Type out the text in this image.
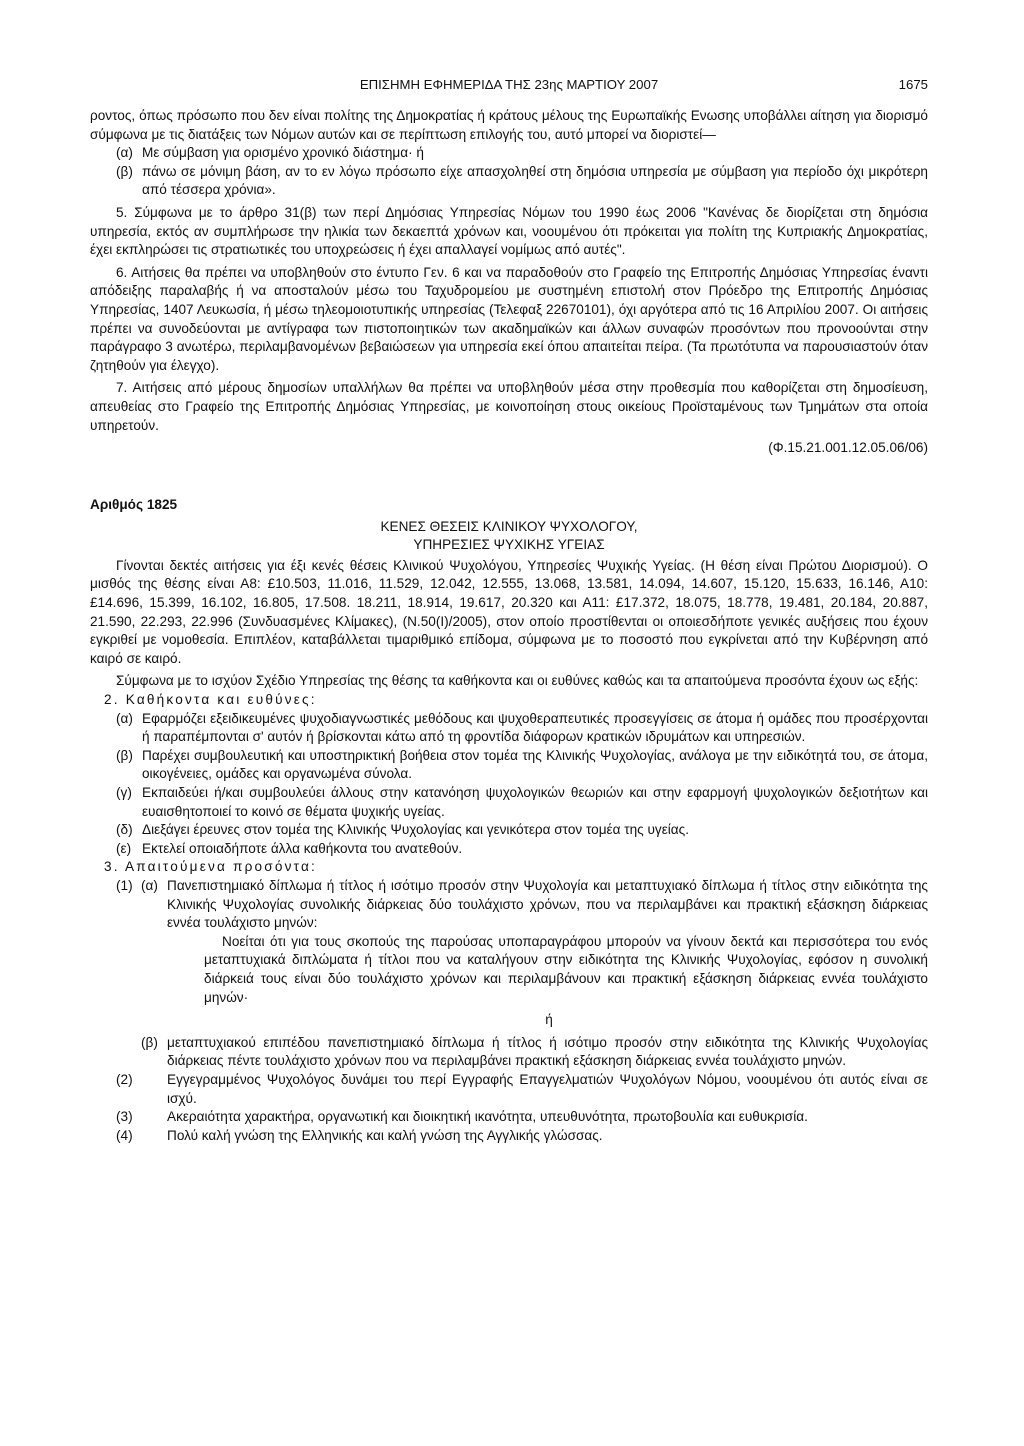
ΕΠΙΣΗΜΗ ΕΦΗΜΕΡΙΔΑ ΤΗΣ 23ης ΜΑΡΤΙΟΥ 2007	1675

ροντος, όπως πρόσωπο που δεν είναι πολίτης της Δημοκρατίας ή κράτους μέλους της Ευρωπαϊκής Ενωσης υποβάλλει αίτηση για διορισμό σύμφωνα με τις διατάξεις των Νόμων αυτών και σε περίπτωση επιλογής του, αυτό μπορεί να διοριστεί—

(α) Με σύμβαση για ορισμένο χρονικό διάστημα· ή
(β) πάνω σε μόνιμη βάση, αν το εν λόγω πρόσωπο είχε απασχοληθεί στη δημόσια υπηρεσία με σύμβαση για περίοδο όχι μικρότερη από τέσσερα χρόνια».

5. Σύμφωνα με το άρθρο 31(β) των περί Δημόσιας Υπηρεσίας Νόμων του 1990 έως 2006 "Κανένας δε διορίζεται στη δημόσια υπηρεσία, εκτός αν συμπλήρωσε την ηλικία των δεκαεπτά χρόνων και, νοουμένου ότι πρόκειται για πολίτη της Κυπριακής Δημοκρατίας, έχει εκπληρώσει τις στρατιωτικές του υποχρεώσεις ή έχει απαλλαγεί νομίμως από αυτές".

6. Αιτήσεις θα πρέπει να υποβληθούν στο έντυπο Γεν. 6 και να παραδοθούν στο Γραφείο της Επιτροπής Δημόσιας Υπηρεσίας έναντι απόδειξης παραλαβής ή να αποσταλούν μέσω του Ταχυδρομείου με συστημένη επιστολή στον Πρόεδρο της Επιτροπής Δημόσιας Υπηρεσίας, 1407 Λευκωσία, ή μέσω τηλεομοιοτυπικής υπηρεσίας (Τελεφαξ 22670101), όχι αργότερα από τις 16 Απριλίου 2007. Οι αιτήσεις πρέπει να συνοδεύονται με αντίγραφα των πιστοποιητικών των ακαδημαϊκών και άλλων συναφών προσόντων που προνοούνται στην παράγραφο 3 ανωτέρω, περιλαμβανομένων βεβαιώσεων για υπηρεσία εκεί όπου απαιτείται πείρα. (Τα πρωτότυπα να παρουσιαστούν όταν ζητηθούν για έλεγχο).

7. Αιτήσεις από μέρους δημοσίων υπαλλήλων θα πρέπει να υποβληθούν μέσα στην προθεσμία που καθορίζεται στη δημοσίευση, απευθείας στο Γραφείο της Επιτροπής Δημόσιας Υπηρεσίας, με κοινοποίηση στους οικείους Προϊσταμένους των Τμημάτων στα οποία υπηρετούν.

(Φ.15.21.001.12.05.06/06)

Αριθμός 1825
ΚΕΝΕΣ ΘΕΣΕΙΣ ΚΛΙΝΙΚΟΥ ΨΥΧΟΛΟΓΟΥ,
ΥΠΗΡΕΣΙΕΣ ΨΥΧΙΚΗΣ ΥΓΕΙΑΣ

Γίνονται δεκτές αιτήσεις για έξι κενές θέσεις Κλινικού Ψυχολόγου, Υπηρεσίες Ψυχικής Υγείας. (Η θέση είναι Πρώτου Διορισμού). Ο μισθός της θέσης είναι Α8: £10.503, 11.016, 11.529, 12.042, 12.555, 13.068, 13.581, 14.094, 14.607, 15.120, 15.633, 16.146, Α10: £14.696, 15.399, 16.102, 16.805, 17.508. 18.211, 18.914, 19.617, 20.320 και Α11: £17.372, 18.075, 18.778, 19.481, 20.184, 20.887, 21.590, 22.293, 22.996 (Συνδυασμένες Κλίμακες), (Ν.50(Ι)/2005), στον οποίο προστίθενται οι οποιεσδήποτε γενικές αυξήσεις που έχουν εγκριθεί με νομοθεσία. Επιπλέον, καταβάλλεται τιμαριθμικό επίδομα, σύμφωνα με το ποσοστό που εγκρίνεται από την Κυβέρνηση από καιρό σε καιρό.

Σύμφωνα με το ισχύον Σχέδιο Υπηρεσίας της θέσης τα καθήκοντα και οι ευθύνες καθώς και τα απαιτούμενα προσόντα έχουν ως εξής:

2. Καθήκοντα και ευθύνες:
(α) Εφαρμόζει εξειδικευμένες ψυχοδιαγνωστικές μεθόδους και ψυχοθεραπευτικές προσεγγίσεις σε άτομα ή ομάδες που προσέρχονται ή παραπέμπονται σ' αυτόν ή βρίσκονται κάτω από τη φροντίδα διάφορων κρατικών ιδρυμάτων και υπηρεσιών.
(β) Παρέχει συμβουλευτική και υποστηρικτική βοήθεια στον τομέα της Κλινικής Ψυχολογίας, ανάλογα με την ειδικότητά του, σε άτομα, οικογένειες, ομάδες και οργανωμένα σύνολα.
(γ) Εκπαιδεύει ή/και συμβουλεύει άλλους στην κατανόηση ψυχολογικών θεωριών και στην εφαρμογή ψυχολογικών δεξιοτήτων και ευαισθητοποιεί το κοινό σε θέματα ψυχικής υγείας.
(δ) Διεξάγει έρευνες στον τομέα της Κλινικής Ψυχολογίας και γενικότερα στον τομέα της υγείας.
(ε) Εκτελεί οποιαδήποτε άλλα καθήκοντα του ανατεθούν.
3. Απαιτούμενα προσόντα:
(1) (α) Πανεπιστημιακό δίπλωμα ή τίτλος ή ισότιμο προσόν στην Ψυχολογία και μεταπτυχιακό δίπλωμα ή τίτλος στην ειδικότητα της Κλινικής Ψυχολογίας συνολικής διάρκειας δύο τουλάχιστο χρόνων, που να περιλαμβάνει και πρακτική εξάσκηση διάρκειας εννέα τουλάχιστο μηνών:

Νοείται ότι για τους σκοπούς της παρούσας υποπαραγράφου μπορούν να γίνουν δεκτά και περισσότερα του ενός μεταπτυχιακά διπλώματα ή τίτλοι που να καταλήγουν στην ειδικότητα της Κλινικής Ψυχολογίας, εφόσον η συνολική διάρκειά τους είναι δύο τουλάχιστο χρόνων και περιλαμβάνουν και πρακτική εξάσκηση διάρκειας εννέα τουλάχιστο μηνών·

ή
(β) μεταπτυχιακού επιπέδου πανεπιστημιακό δίπλωμα ή τίτλος ή ισότιμο προσόν στην ειδικότητα της Κλινικής Ψυχολογίας διάρκειας πέντε τουλάχιστο χρόνων που να περιλαμβάνει πρακτική εξάσκηση διάρκειας εννέα τουλάχιστο μηνών.
(2)	Εγγεγραμμένος Ψυχολόγος δυνάμει του περί Εγγραφής Επαγγελματιών Ψυχολόγων Νόμου, νοουμένου ότι αυτός είναι σε ισχύ.
(3)	Ακεραιότητα χαρακτήρα, οργανωτική και διοικητική ικανότητα, υπευθυνότητα, πρωτοβουλία και ευθυκρισία.
(4)	Πολύ καλή γνώση της Ελληνικής και καλή γνώση της Αγγλικής γλώσσας.
